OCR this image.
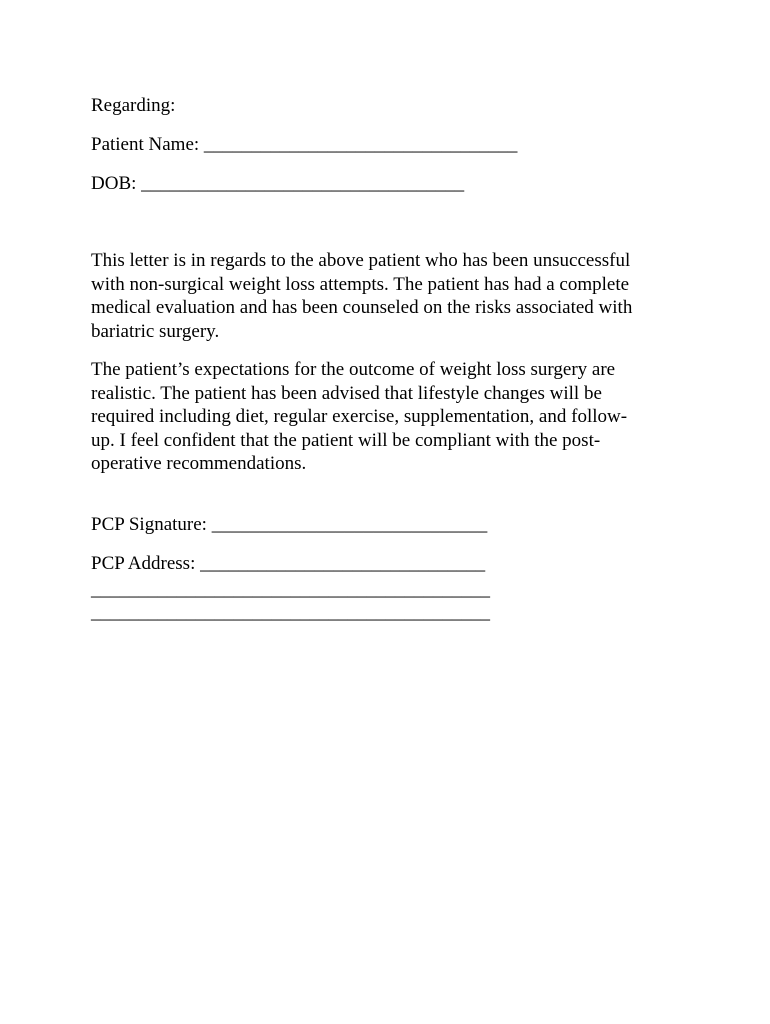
Regarding:
Patient Name: _________________________________
DOB: __________________________________
This letter is in regards to the above patient who has been unsuccessful
with non-surgical weight loss attempts. The patient has had a complete
medical evaluation and has been counseled on the risks associated with
bariatric surgery.
The patient’s expectations for the outcome of weight loss surgery are
realistic. The patient has been advised that lifestyle changes will be
required including diet, regular exercise, supplementation, and follow-
up. I feel confident that the patient will be compliant with the post-
operative recommendations.
PCP Signature: _____________________________
PCP Address: ______________________________
__________________________________________
__________________________________________
